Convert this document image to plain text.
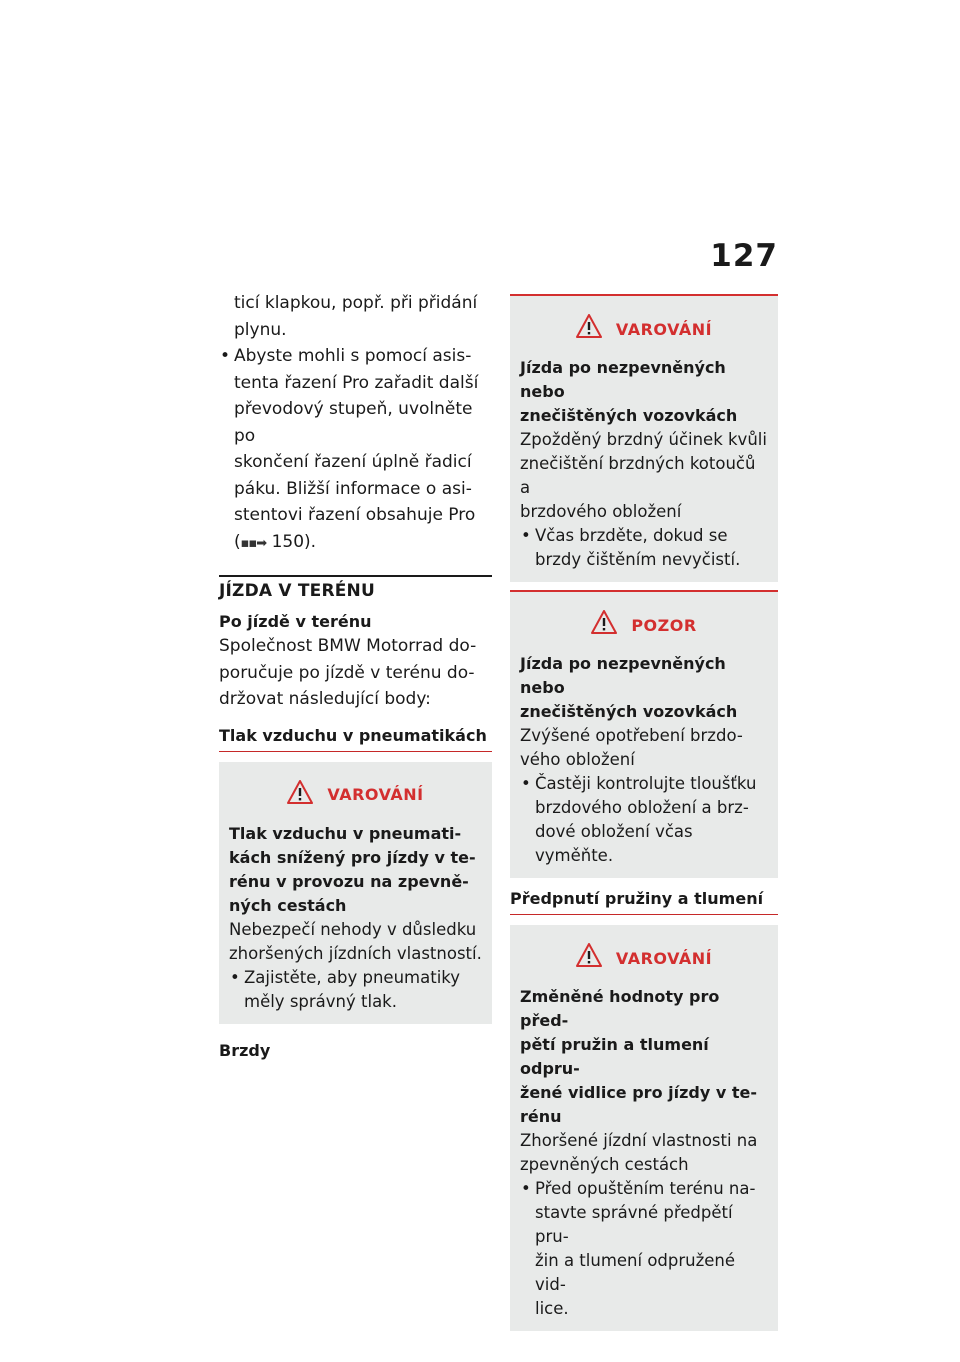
127
ticí klapkou, popř. při přidání
plynu.
• Abyste mohli s pomocí asis-
tenta řazení Pro zařadit další
převodový stupeň, uvolněte po
skončení řazení úplně řadicí
páku. Bližší informace o asi-
stentovi řazení obsahuje Pro
(▪▪➡ 150).
JÍZDA V TERÉNU
Po jízdě v terénu
Společnost BMW Motorrad do-
poručuje po jízdě v terénu do-
držovat následující body:
Tlak vzduchu v pneumatikách
VAROVÁNÍ
Tlak vzduchu v pneumati-
kách snížený pro jízdy v te-
rénu v provozu na zpevně-
ných cestách
Nebezpečí nehody v důsledku
zhoršených jízdních vlastností.
• Zajistěte, aby pneumatiky
měly správný tlak.
Brzdy
VAROVÁNÍ
Jízda po nezpevněných nebo
znečištěných vozovkách
Zpožděný brzdný účinek kvůli
znečištění brzdných kotoučů a
brzdového obložení
• Včas brzděte, dokud se
brzdy čištěním nevyčistí.
POZOR
Jízda po nezpevněných nebo
znečištěných vozovkách
Zvýšené opotřebení brzdo-
vého obložení
• Častěji kontrolujte tloušťku
brzdového obložení a brz-
dové obložení včas vyměňte.
Předpnutí pružiny a tlumení
VAROVÁNÍ
Změněné hodnoty pro před-
pětí pružin a tlumení odpru-
žené vidlice pro jízdy v te-
rénu
Zhoršené jízdní vlastnosti na
zpevněných cestách
• Před opuštěním terénu na-
stavte správné předpětí pru-
žin a tlumení odpružené vid-
lice.
